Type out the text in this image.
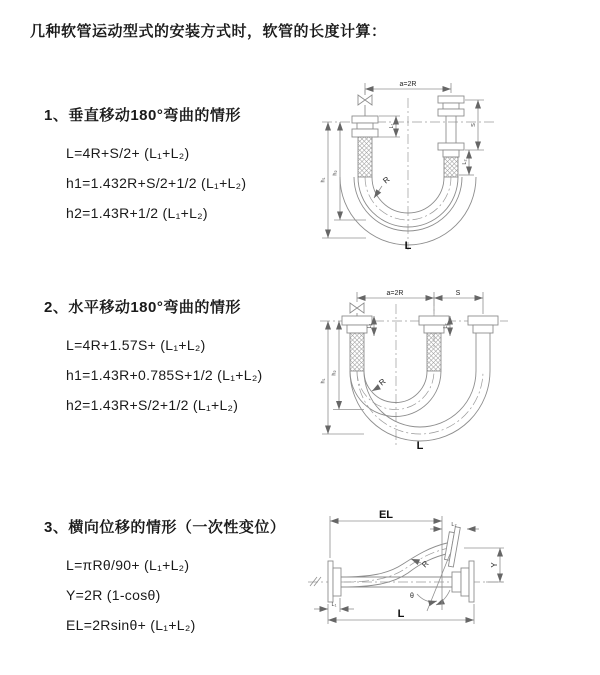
几种软管运动型式的安装方式时，软管的长度计算：
1、垂直移动180°弯曲的情形

L=4R+S/2+ (L₁+L₂)

h1=1.432R+S/2+1/2 (L₁+L₂)

h2=1.43R+1/2 (L₁+L₂)

a=2R
h₁
h₂
S
L₂
L₁
R
L
2、水平移动180°弯曲的情形

L=4R+1.57S+ (L₁+L₂)

h1=1.43R+0.785S+1/2 (L₁+L₂)

h2=1.43R+S/2+1/2 (L₁+L₂)

a=2R	S
h₁
h₂
L₁	L₂
R
L
3、横向位移的情形（一次性变位）

L=πRθ/90+ (L₁+L₂)

Y=2R (1-cosθ)

EL=2Rsinθ+ (L₁+L₂)

θ
EL
L₂
Y
L
L₁
R
